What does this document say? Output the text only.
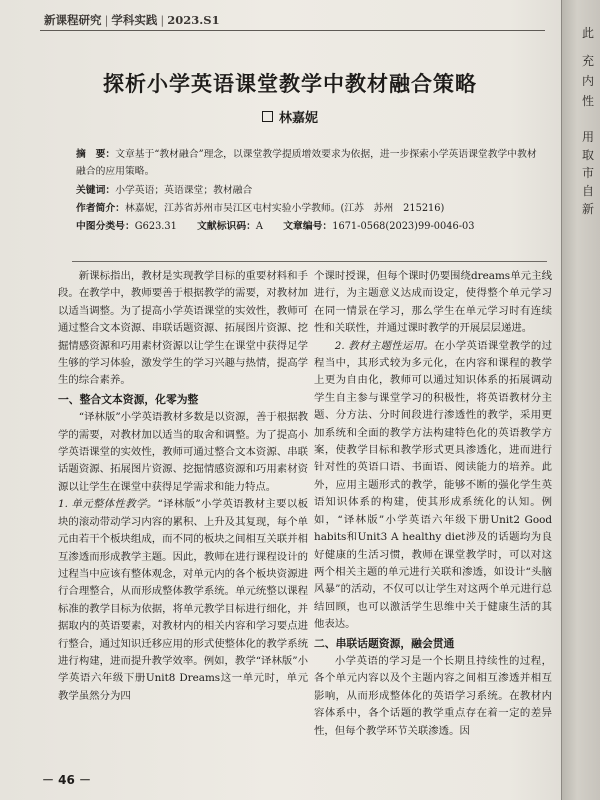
新课程研究 | 学科实践 | 2023.S1
探析小学英语课堂教学中教材融合策略
林嘉妮
摘　要：文章基于“教材融合”理念，以课堂教学提质增效要求为依据，进一步探索小学英语课堂教学中教材融合的应用策略。
关键词：小学英语；英语课堂；教材融合
作者简介：林嘉妮，江苏省苏州市吴江区屯村实验小学教师。(江苏　苏州　215216)
中图分类号：G623.31 文献标识码：A 文章编号：1671-0568(2023)99-0046-03

新课标指出，教材是实现教学目标的重要材料和手段。在教学中，教师要善于根据教学的需要，对教材加以适当调整。为了提高小学英语课堂的实效性，教师可通过整合文本资源、串联话题资源、拓展图片资源、挖掘情感资源和巧用素材资源以让学生在课堂中获得足学生够的学习体验，激发学生的学习兴趣与热情，提高学生的综合素养。

一、整合文本资源，化零为整

“译林版”小学英语教材多数是以资源，善于根据教学的需要，对教材加以适当的取舍和调整。为了提高小学英语课堂的实效性，教师可通过整合文本资源、串联话题资源、拓展图片资源、挖掘情感资源和巧用素材资源以让学生在课堂中获得足学需求和能力特点。

1. 单元整体性教学。“译林版”小学英语教材主要以板块的滚动带动学习内容的累积、上升及其复现，每个单元由若干个板块组成，而不同的板块之间相互关联并相互渗透而形成教学主题。因此，教师在进行课程设计的过程当中应该有整体观念，对单元内的各个板块资源进行合理整合，从而形成整体教学系统。单元统整以课程标准的教学目标为依据，将单元教学目标进行细化，并据取内的英语要素，对教材内的相关内容和学习要点进行整合，通过知识迁移应用的形式使整体化的教学系统进行构建，进而提升教学效率。例如，教学“译林版”小学英语六年级下册Unit8 Dreams这一单元时，单元教学虽然分为四

个课时授课，但每个课时仍要围绕dreams单元主线进行，为主题意义达成而设定，使得整个单元学习在同一情景在学习，那么学生在单元学习时有连续性和关联性，并通过课时教学的开展层层递进。

2. 教材主题性运用。在小学英语课堂教学的过程当中，其形式较为多元化，在内容和课程的教学上更为自由化，教师可以通过知识体系的拓展调动学生自主参与课堂学习的积极性，将英语教材分主题、分方法、分时间段进行渗透性的教学，采用更加系统和全面的教学方法构建特色化的英语教学方案，使教学目标和教学形式更具渗透化，进而进行针对性的英语口语、书面语、阅读能力的培养。此外，应用主题形式的教学，能够不断的强化学生英语知识体系的构建，使其形成系统化的认知。例如，“译林版”小学英语六年级下册Unit2 Good habits和Unit3 A healthy diet涉及的话题均为良好健康的生活习惯，教师在课堂教学时，可以对这两个相关主题的单元进行关联和渗透，如设计“头脑风暴”的活动，不仅可以让学生对这两个单元进行总结回顾，也可以激活学生思维中关于健康生活的其他表达。

二、串联话题资源，融会贯通

小学英语的学习是一个长期且持续性的过程，各个单元内容以及个主题内容之间相互渗透并相互影响，从而形成整体化的英语学习系统。在教材内容体系中，各个话题的教学重点存在着一定的差异性，但每个教学环节关联渗透。因

－ 46 －
此
充
内
性
用
取
市
自
新
